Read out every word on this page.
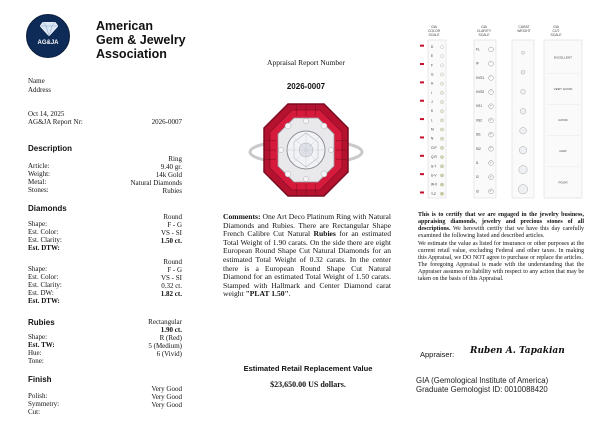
AG&JA
American
Gem & Jewelry
Association
Name
Address
Oct 14, 2025
AG&JA Report Nr:	2026-0007
Description
Article:
Ring
Weight:
9.40 gr.
Metal:
14k Gold
Stones:
Natural Diamonds
Rubies
Diamonds
Shape:
Round
Est. Color:
F - G
Est. Clarity:
VS - SI
Est. DTW:
1.50 ct.
Shape:
Round
Est. Color:
F - G
Est. Clarity:
VS - SI
Est. DW:
0.32 ct.
Est. DTW:
1.82 ct.
Rubies	Rectangular
Shape:
1.90 ct.
Est. TW:
R (Red)
Hue:
5 (Medium)
Tone:
6 (Vivid)
Finish
Polish:
Very Good
Symmetry:
Very Good
Cut:
Very Good
Appraisal Report Number
2026-0007
Comments: One Art Deco Platinum Ring with Natural Diamonds and Rubies. There are Rectangular Shape French Calibre Cut Natural Rubies for an estimated Total Weight of 1.90 carats. On the side there are eight European Round Shape Cut Natural Diamonds for an estimated Total Weight of 0.32 carats. In the center there is a European Round Shape Cut Natural Diamond for an estimated Total Weight of 1.50 carats. Stamped with Hallmark and Center Diamond carat weight "PLAT 1.50".
Estimated Retail Replacement Value
$23,650.00 US dollars.
GIA COLOR SCALE
GIA CLARITY SCALE
CARAT WEIGHT
GIA CUT SCALE
D
E
F
G
H
I
J
K
L
M
N
O-P
Q-R
S-T
U-V
W-X
Y-Z
FL
IF
VVS1
VVS2
VS1
VS2
SI1
SI2
I1
I2
I3
EXCELLENT
VERY GOOD
GOOD
FAIR
POOR

This is to certify that we are engaged in the jewelry business, appraising diamonds, jewelry and precious stones of all descriptions. We herewith certify that we have this day carefully examined the following listed and described articles.

We estimate the value as listed for insurance or other purposes at the current retail value, excluding Federal and other taxes. In making this Appraisal, we DO NOT agree to purchase or replace the articles.

The foregoing Appraisal is made with the understanding that the Appraiser assumes no liability with respect to any action that may be taken on the basis of this Appraisal.

Appraiser: Ruben A. Tapakian
GIA (Gemological Institute of America)
Graduate Gemologist ID: 0010088420
